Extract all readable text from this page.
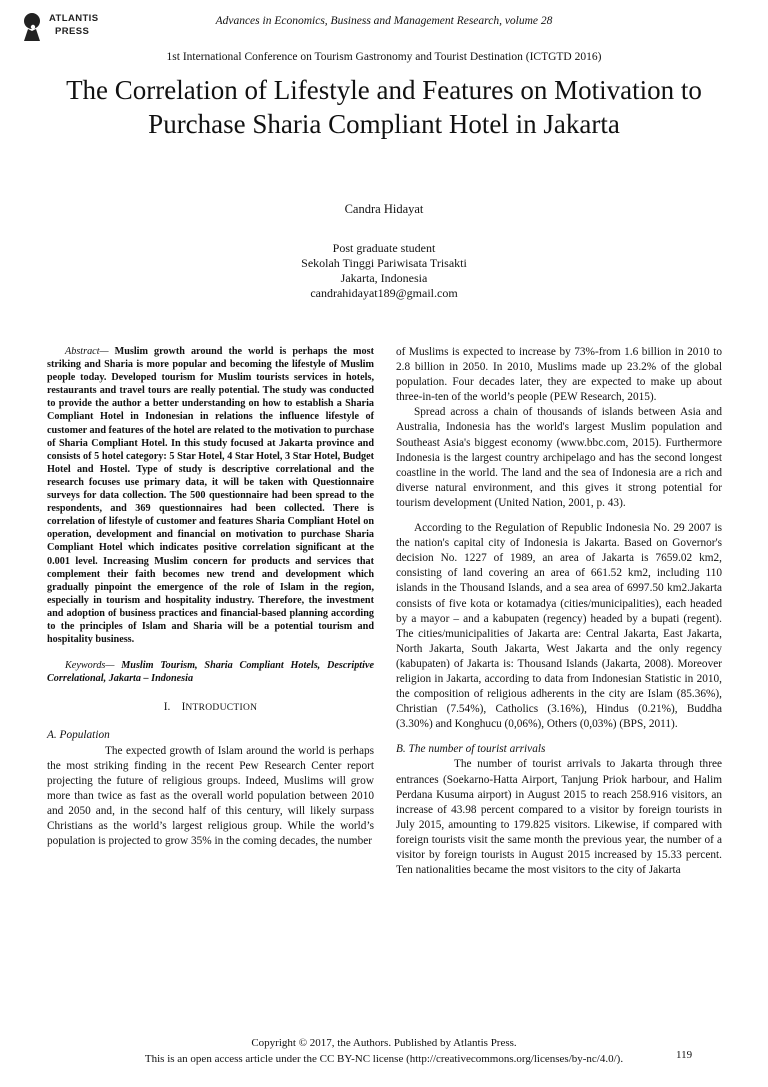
ATLANTIS
PRESS
Advances in Economics, Business and Management Research, volume 28
1st International Conference on Tourism Gastronomy and Tourist Destination (ICTGTD 2016)
The Correlation of Lifestyle and Features on Motivation to Purchase Sharia Compliant Hotel in Jakarta
Candra Hidayat
Post graduate student
Sekolah Tinggi Pariwisata Trisakti
Jakarta, Indonesia
candrahidayat189@gmail.com

Abstract— Muslim growth around the world is perhaps the most striking and Sharia is more popular and becoming the lifestyle of Muslim people today. Developed tourism for Muslim tourists services in hotels, restaurants and travel tours are really potential. The study was conducted to provide the author a better understanding on how to establish a Sharia Compliant Hotel in Indonesian in relations the influence lifestyle of customer and features of the hotel are related to the motivation to purchase of Sharia Compliant Hotel. In this study focused at Jakarta province and consists of 5 hotel category: 5 Star Hotel, 4 Star Hotel, 3 Star Hotel, Budget Hotel and Hostel. Type of study is descriptive correlational and the research focuses use primary data, it will be taken with Questionnaire surveys for data collection. The 500 questionnaire had been spread to the respondents, and 369 questionnaires had been collected. There is correlation of lifestyle of customer and features Sharia Compliant Hotel on operation, development and financial on motivation to purchase Sharia Compliant Hotel which indicates positive correlation significant at the 0.001 level. Increasing Muslim concern for products and services that complement their faith becomes new trend and development which gradually pinpoint the emergence of the role of Islam in the region, especially in tourism and hospitality industry. Therefore, the investment and adoption of business practices and financial-based planning according to the principles of Islam and Sharia will be a potential tourism and hospitality business.

Keywords— Muslim Tourism, Sharia Compliant Hotels, Descriptive Correlational, Jakarta – Indonesia

I. INTRODUCTION

A. Population

The expected growth of Islam around the world is perhaps the most striking finding in the recent Pew Research Center report projecting the future of religious groups. Indeed, Muslims will grow more than twice as fast as the overall world population between 2010 and 2050 and, in the second half of this century, will likely surpass Christians as the world’s largest religious group. While the world’s population is projected to grow 35% in the coming decades, the number

of Muslims is expected to increase by 73%-from 1.6 billion in 2010 to 2.8 billion in 2050. In 2010, Muslims made up 23.2% of the global population. Four decades later, they are expected to make up about three-in-ten of the world’s people (PEW Research, 2015).

Spread across a chain of thousands of islands between Asia and Australia, Indonesia has the world's largest Muslim population and Southeast Asia's biggest economy (www.bbc.com, 2015). Furthermore Indonesia is the largest country archipelago and has the second longest coastline in the world. The land and the sea of Indonesia are a rich and diverse natural environment, and this gives it strong potential for tourism development (United Nation, 2001, p. 43).

According to the Regulation of Republic Indonesia No. 29 2007 is the nation's capital city of Indonesia is Jakarta. Based on Governor's decision No. 1227 of 1989, an area of Jakarta is 7659.02 km2, consisting of land covering an area of 661.52 km2, including 110 islands in the Thousand Islands, and a sea area of 6997.50 km2.Jakarta consists of five kota or kotamadya (cities/municipalities), each headed by a mayor – and a kabupaten (regency) headed by a bupati (regent). The cities/municipalities of Jakarta are: Central Jakarta, East Jakarta, North Jakarta, South Jakarta, West Jakarta and the only regency (kabupaten) of Jakarta is: Thousand Islands (Jakarta, 2008). Moreover religion in Jakarta, according to data from Indonesian Statistic in 2010, the composition of religious adherents in the city are Islam (85.36%), Christian (7.54%), Catholics (3.16%), Hindus (0.21%), Buddha (3.30%) and Konghucu (0,06%), Others (0,03%) (BPS, 2011).

B. The number of tourist arrivals

The number of tourist arrivals to Jakarta through three entrances (Soekarno-Hatta Airport, Tanjung Priok harbour, and Halim Perdana Kusuma airport) in August 2015 to reach 258.916 visitors, an increase of 43.98 percent compared to a visitor by foreign tourists in July 2015, amounting to 179.825 visitors. Likewise, if compared with foreign tourists visit the same month the previous year, the number of a visitor by foreign tourists in August 2015 increased by 15.33 percent. Ten nationalities became the most visitors to the city of Jakarta

Copyright © 2017, the Authors. Published by Atlantis Press.
This is an open access article under the CC BY-NC license (http://creativecommons.org/licenses/by-nc/4.0/).	119
